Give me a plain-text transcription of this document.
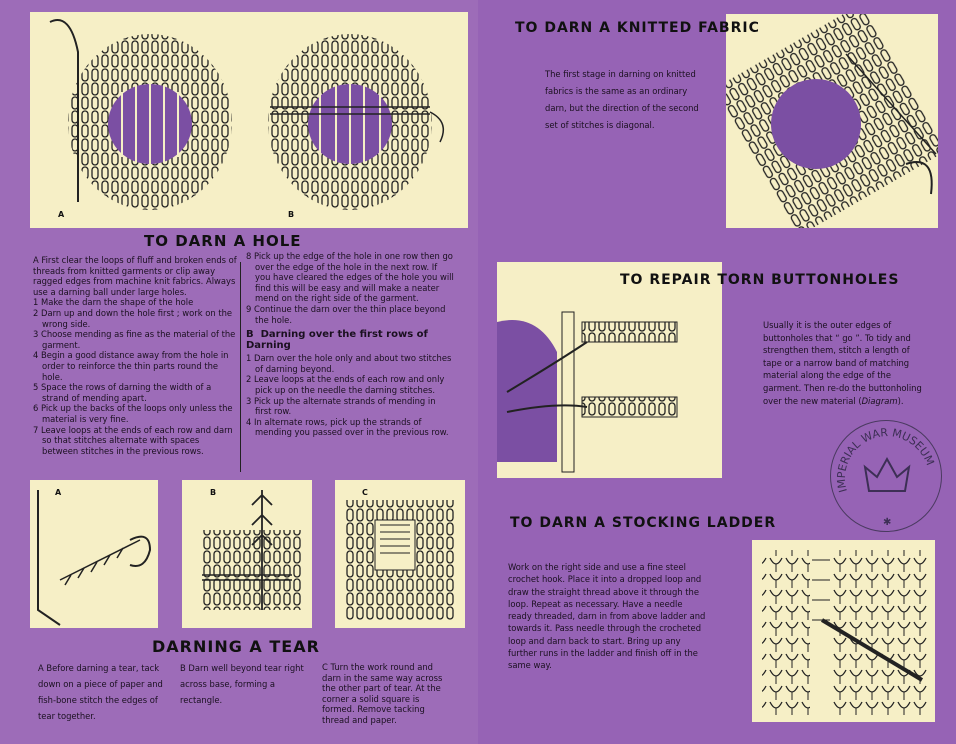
A	B
TO DARN A HOLE

A First clear the loops of fluff and broken ends of threads from knitted garments or clip away ragged edges from machine knit fabrics. Always use a darning ball under large holes.

1 Make the darn the shape of the hole

2 Darn up and down the hole first ; work on the wrong side.

3 Choose mending as fine as the material of the garment.

4 Begin a good distance away from the hole in order to reinforce the thin parts round the hole.

5 Space the rows of darning the width of a strand of mending apart.

6 Pick up the backs of the loops only unless the material is very fine.

7 Leave loops at the ends of each row and darn so that stitches alternate with spaces between stitches in the previous rows.

8 Pick up the edge of the hole in one row then go over the edge of the hole in the next row. If you have cleared the edges of the hole you will find this will be easy and will make a neater mend on the right side of the garment.

9 Continue the darn over the thin place beyond the hole.

B Darning over the first rows of Darning

1 Darn over the hole only and about two stitches of darning beyond.

2 Leave loops at the ends of each row and only pick up on the needle the darning stitches.

3 Pick up the alternate strands of mending in first row.

4 In alternate rows, pick up the strands of mending you passed over in the previous row.

A	B	C
DARNING A TEAR
A Before darning a tear, tack down on a piece of paper and fish-bone stitch the edges of tear together.
B Darn well beyond tear right across base, forming a rectangle.
C Turn the work round and darn in the same way across the other part of tear. At the corner a solid square is formed. Remove tacking thread and paper.
TO DARN A KNITTED FABRIC
The first stage in darning on knitted fabrics is the same as an ordinary darn, but the direction of the second set of stitches is diagonal.
TO REPAIR TORN BUTTONHOLES
Usually it is the outer edges of buttonholes that “ go ”. To tidy and strengthen them, stitch a length of tape or a narrow band of matching material along the edge of the garment. Then re-do the buttonholing over the new material (Diagram).
IMPERIAL WAR MUSEUM
✱
TO DARN A STOCKING LADDER
Work on the right side and use a fine steel crochet hook. Place it into a dropped loop and draw the straight thread above it through the loop. Repeat as necessary. Have a needle ready threaded, darn in from above ladder and towards it. Pass needle through the crocheted loop and darn back to start. Bring up any further runs in the ladder and finish off in the same way.
